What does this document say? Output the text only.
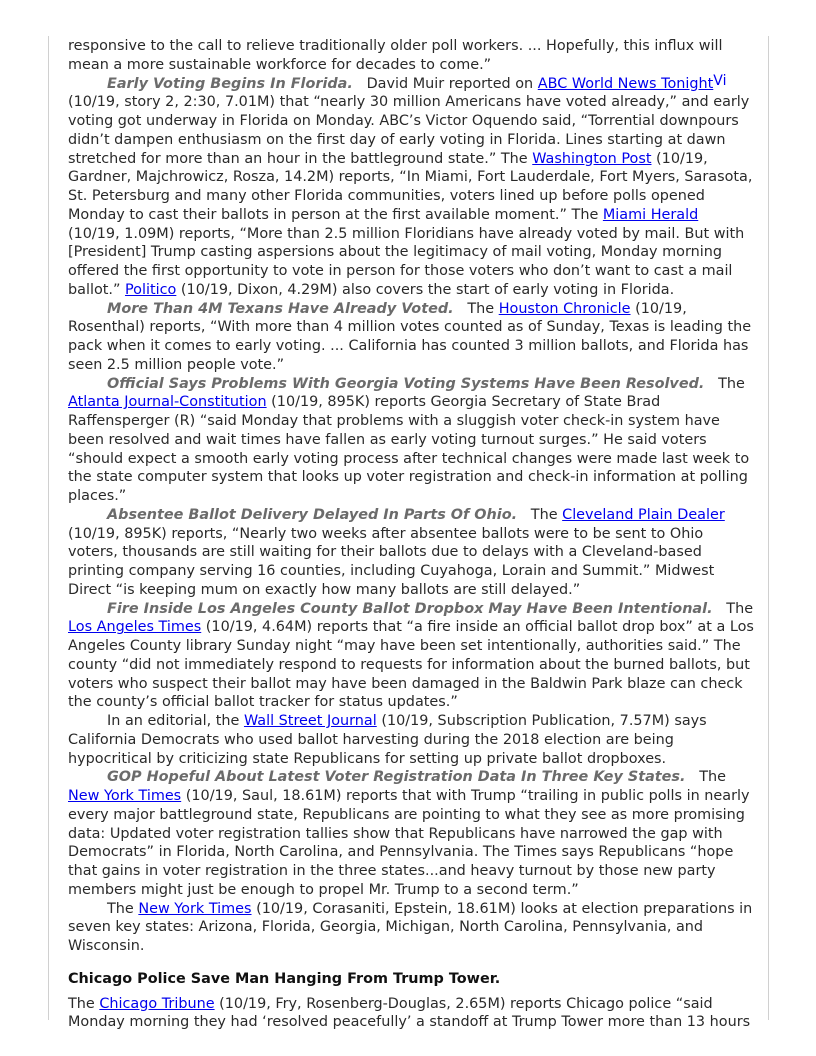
responsive to the call to relieve traditionally older poll workers. ... Hopefully, this influx will mean a more sustainable workforce for decades to come.”

Early Voting Begins In Florida.   David Muir reported on ABC World News Tonight$^{Vi}$ (10/19, story 2, 2:30, 7.01M) that “nearly 30 million Americans have voted already,” and early voting got underway in Florida on Monday. ABC’s Victor Oquendo said, “Torrential downpours didn’t dampen enthusiasm on the first day of early voting in Florida. Lines starting at dawn stretched for more than an hour in the battleground state.” The Washington Post (10/19, Gardner, Majchrowicz, Rosza, 14.2M) reports, “In Miami, Fort Lauderdale, Fort Myers, Sarasota, St. Petersburg and many other Florida communities, voters lined up before polls opened Monday to cast their ballots in person at the first available moment.” The Miami Herald (10/19, 1.09M) reports, “More than 2.5 million Floridians have already voted by mail. But with [President] Trump casting aspersions about the legitimacy of mail voting, Monday morning offered the first opportunity to vote in person for those voters who don’t want to cast a mail ballot.” Politico (10/19, Dixon, 4.29M) also covers the start of early voting in Florida.

More Than 4M Texans Have Already Voted.   The Houston Chronicle (10/19, Rosenthal) reports, “With more than 4 million votes counted as of Sunday, Texas is leading the pack when it comes to early voting. ... California has counted 3 million ballots, and Florida has seen 2.5 million people vote.”

Official Says Problems With Georgia Voting Systems Have Been Resolved.   The Atlanta Journal-Constitution (10/19, 895K) reports Georgia Secretary of State Brad Raffensperger (R) “said Monday that problems with a sluggish voter check-in system have been resolved and wait times have fallen as early voting turnout surges.” He said voters “should expect a smooth early voting process after technical changes were made last week to the state computer system that looks up voter registration and check-in information at polling places.”

Absentee Ballot Delivery Delayed In Parts Of Ohio.   The Cleveland Plain Dealer (10/19, 895K) reports, “Nearly two weeks after absentee ballots were to be sent to Ohio voters, thousands are still waiting for their ballots due to delays with a Cleveland-based printing company serving 16 counties, including Cuyahoga, Lorain and Summit.” Midwest Direct “is keeping mum on exactly how many ballots are still delayed.”

Fire Inside Los Angeles County Ballot Dropbox May Have Been Intentional.   The Los Angeles Times (10/19, 4.64M) reports that “a fire inside an official ballot drop box” at a Los Angeles County library Sunday night “may have been set intentionally, authorities said.” The county “did not immediately respond to requests for information about the burned ballots, but voters who suspect their ballot may have been damaged in the Baldwin Park blaze can check the county’s official ballot tracker for status updates.”

In an editorial, the Wall Street Journal (10/19, Subscription Publication, 7.57M) says California Democrats who used ballot harvesting during the 2018 election are being hypocritical by criticizing state Republicans for setting up private ballot dropboxes.

GOP Hopeful About Latest Voter Registration Data In Three Key States.   The New York Times (10/19, Saul, 18.61M) reports that with Trump “trailing in public polls in nearly every major battleground state, Republicans are pointing to what they see as more promising data: Updated voter registration tallies show that Republicans have narrowed the gap with Democrats” in Florida, North Carolina, and Pennsylvania. The Times says Republicans “hope that gains in voter registration in the three states...and heavy turnout by those new party members might just be enough to propel Mr. Trump to a second term.”

The New York Times (10/19, Corasaniti, Epstein, 18.61M) looks at election preparations in seven key states: Arizona, Florida, Georgia, Michigan, North Carolina, Pennsylvania, and Wisconsin.

Chicago Police Save Man Hanging From Trump Tower.

The Chicago Tribune (10/19, Fry, Rosenberg-Douglas, 2.65M) reports Chicago police “said Monday morning they had ‘resolved peacefully’ a standoff at Trump Tower more than 13 hours
